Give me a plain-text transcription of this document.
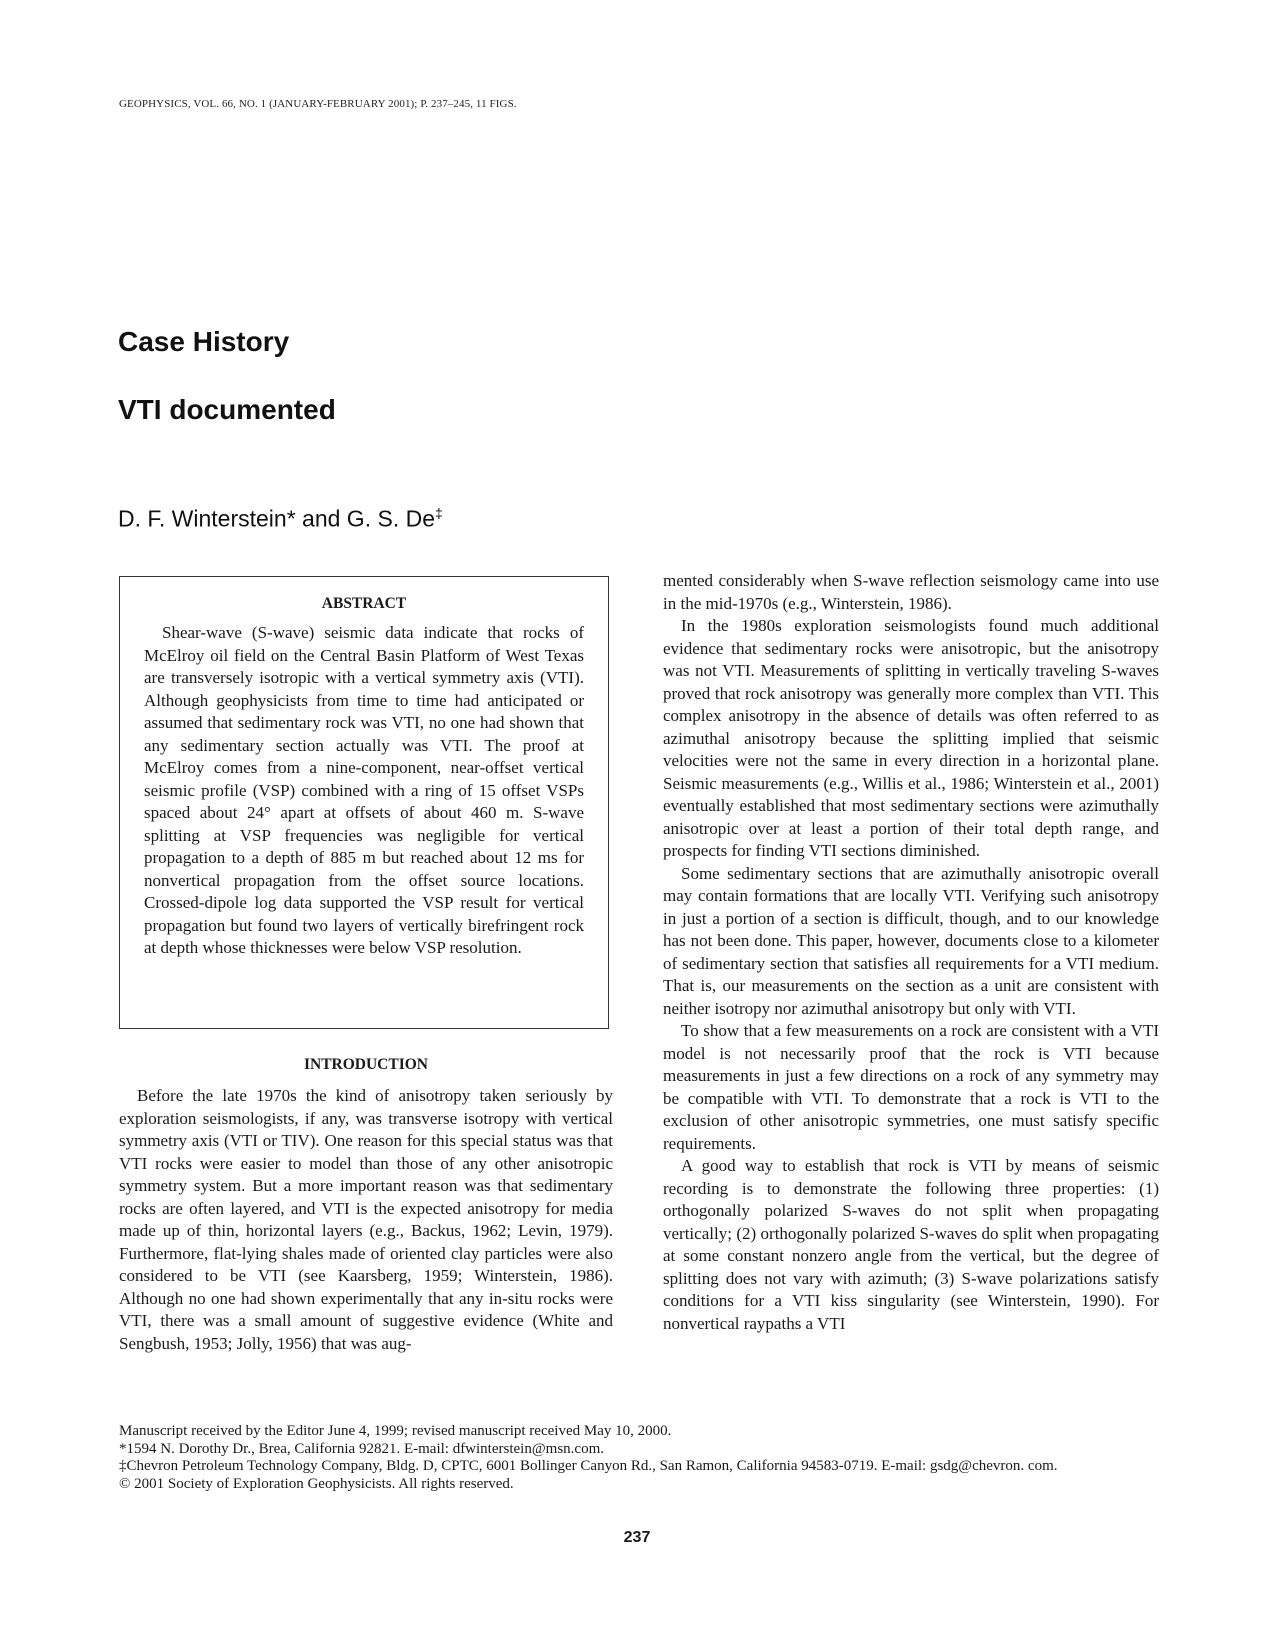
GEOPHYSICS, VOL. 66, NO. 1 (JANUARY-FEBRUARY 2001); P. 237–245, 11 FIGS.
Case History
VTI documented
D. F. Winterstein* and G. S. De‡
ABSTRACT

Shear-wave (S-wave) seismic data indicate that rocks of McElroy oil field on the Central Basin Platform of West Texas are transversely isotropic with a vertical symmetry axis (VTI). Although geophysicists from time to time had anticipated or assumed that sedimentary rock was VTI, no one had shown that any sedimentary section actually was VTI. The proof at McElroy comes from a nine-component, near-offset vertical seismic profile (VSP) combined with a ring of 15 offset VSPs spaced about 24° apart at offsets of about 460 m. S-wave splitting at VSP frequencies was negligible for vertical propagation to a depth of 885 m but reached about 12 ms for nonvertical propagation from the offset source locations. Crossed-dipole log data supported the VSP result for vertical propagation but found two layers of vertically birefringent rock at depth whose thicknesses were below VSP resolution.

INTRODUCTION

Before the late 1970s the kind of anisotropy taken seriously by exploration seismologists, if any, was transverse isotropy with vertical symmetry axis (VTI or TIV). One reason for this special status was that VTI rocks were easier to model than those of any other anisotropic symmetry system. But a more important reason was that sedimentary rocks are often layered, and VTI is the expected anisotropy for media made up of thin, horizontal layers (e.g., Backus, 1962; Levin, 1979). Furthermore, flat-lying shales made of oriented clay particles were also considered to be VTI (see Kaarsberg, 1959; Winterstein, 1986). Although no one had shown experimentally that any in-situ rocks were VTI, there was a small amount of suggestive evidence (White and Sengbush, 1953; Jolly, 1956) that was aug-

mented considerably when S-wave reflection seismology came into use in the mid-1970s (e.g., Winterstein, 1986).

In the 1980s exploration seismologists found much additional evidence that sedimentary rocks were anisotropic, but the anisotropy was not VTI. Measurements of splitting in vertically traveling S-waves proved that rock anisotropy was generally more complex than VTI. This complex anisotropy in the absence of details was often referred to as azimuthal anisotropy because the splitting implied that seismic velocities were not the same in every direction in a horizontal plane. Seismic measurements (e.g., Willis et al., 1986; Winterstein et al., 2001) eventually established that most sedimentary sections were azimuthally anisotropic over at least a portion of their total depth range, and prospects for finding VTI sections diminished.

Some sedimentary sections that are azimuthally anisotropic overall may contain formations that are locally VTI. Verifying such anisotropy in just a portion of a section is difficult, though, and to our knowledge has not been done. This paper, however, documents close to a kilometer of sedimentary section that satisfies all requirements for a VTI medium. That is, our measurements on the section as a unit are consistent with neither isotropy nor azimuthal anisotropy but only with VTI.

To show that a few measurements on a rock are consistent with a VTI model is not necessarily proof that the rock is VTI because measurements in just a few directions on a rock of any symmetry may be compatible with VTI. To demonstrate that a rock is VTI to the exclusion of other anisotropic symmetries, one must satisfy specific requirements.

A good way to establish that rock is VTI by means of seismic recording is to demonstrate the following three properties: (1) orthogonally polarized S-waves do not split when propagating vertically; (2) orthogonally polarized S-waves do split when propagating at some constant nonzero angle from the vertical, but the degree of splitting does not vary with azimuth; (3) S-wave polarizations satisfy conditions for a VTI kiss singularity (see Winterstein, 1990). For nonvertical raypaths a VTI

Manuscript received by the Editor June 4, 1999; revised manuscript received May 10, 2000.
*1594 N. Dorothy Dr., Brea, California 92821. E-mail: dfwinterstein@msn.com.
‡Chevron Petroleum Technology Company, Bldg. D, CPTC, 6001 Bollinger Canyon Rd., San Ramon, California 94583-0719. E-mail: gsdg@chevron. com.
© 2001 Society of Exploration Geophysicists. All rights reserved.
237
